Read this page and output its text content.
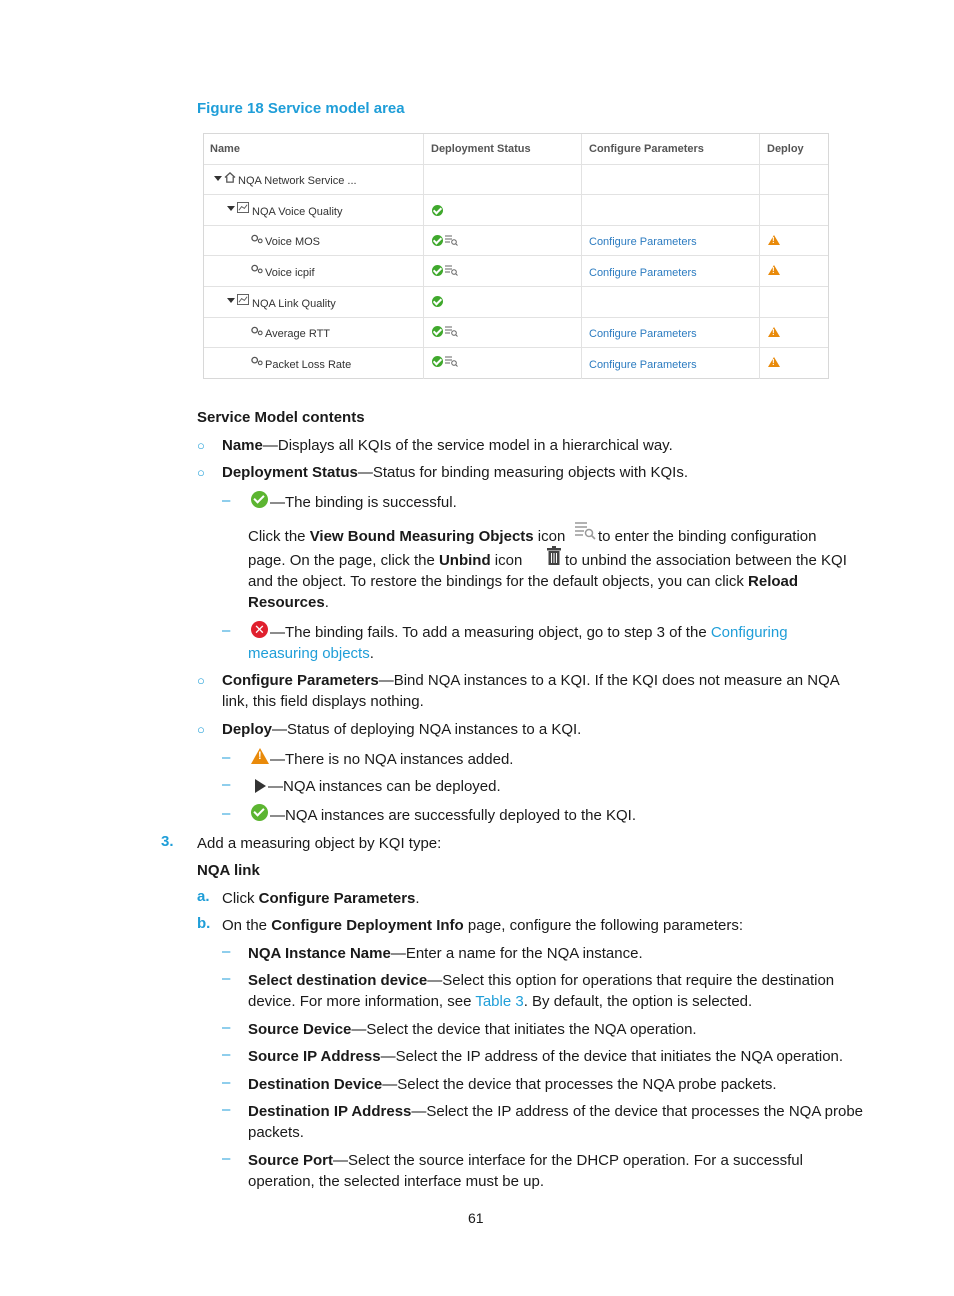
Figure 18 Service model area
Name	Deployment Status	Configure Parameters	Deploy
NQA Network Service ...
NQA Voice Quality
Voice MOS	Configure Parameters
!
Voice icpif	Configure Parameters
!
NQA Link Quality
Average RTT	Configure Parameters
!
Packet Loss Rate	Configure Parameters
!
Service Model contents
○ Name—Displays all KQIs of the service model in a hierarchical way.
○ Deployment Status—Status for binding measuring objects with KQIs.
–	—The binding is successful.
Click the View Bound Measuring Objects icon to enter the binding configuration
page. On the page, click the Unbind icon	to unbind the association between the KQI
and the object. To restore the bindings for the default objects, you can click Reload
Resources.
– ✕ —The binding fails. To add a measuring object, go to step 3 of the Configuring
measuring objects.
○ Configure Parameters—Bind NQA instances to a KQI. If the KQI does not measure an NQA
link, this field displays nothing.
○ Deploy—Status of deploying NQA instances to a KQI.
–
!	—There is no NQA instances added.
–	—NQA instances can be deployed.
–	—NQA instances are successfully deployed to the KQI.
3. Add a measuring object by KQI type:
NQA link
a. Click Configure Parameters.
b. On the Configure Deployment Info page, configure the following parameters:
– NQA Instance Name—Enter a name for the NQA instance.
– Select destination device—Select this option for operations that require the destination
device. For more information, see Table 3. By default, the option is selected.
– Source Device—Select the device that initiates the NQA operation.
– Source IP Address—Select the IP address of the device that initiates the NQA operation.
– Destination Device—Select the device that processes the NQA probe packets.
– Destination IP Address—Select the IP address of the device that processes the NQA probe
packets.
– Source Port—Select the source interface for the DHCP operation. For a successful
operation, the selected interface must be up.
61
